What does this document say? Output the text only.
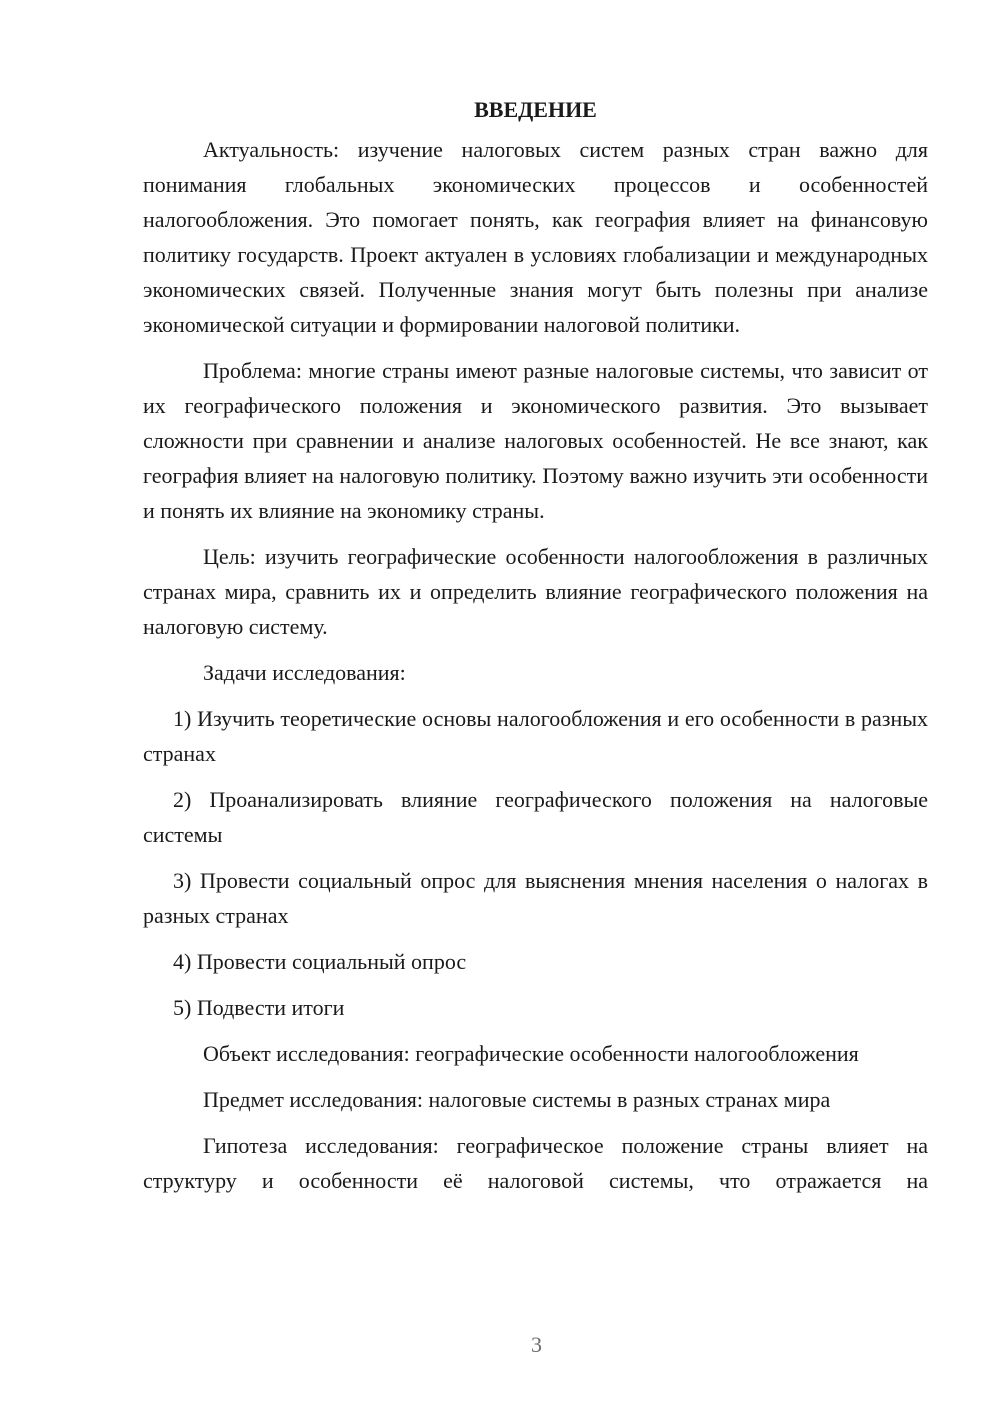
ВВЕДЕНИЕ

Актуальность: изучение налоговых систем разных стран важно для понимания глобальных экономических процессов и особенностей налогообложения. Это помогает понять, как география влияет на финансовую политику государств. Проект актуален в условиях глобализации и международных экономических связей. Полученные знания могут быть полезны при анализе экономической ситуации и формировании налоговой политики.

Проблема: многие страны имеют разные налоговые системы, что зависит от их географического положения и экономического развития. Это вызывает сложности при сравнении и анализе налоговых особенностей. Не все знают, как география влияет на налоговую политику. Поэтому важно изучить эти особенности и понять их влияние на экономику страны.

Цель: изучить географические особенности налогообложения в различных странах мира, сравнить их и определить влияние географического положения на налоговую систему.

Задачи исследования:

1) Изучить теоретические основы налогообложения и его особенности в разных странах

2) Проанализировать влияние географического положения на налоговые системы

3) Провести социальный опрос для выяснения мнения населения о налогах в разных странах

4) Провести социальный опрос

5) Подвести итоги

Объект исследования: географические особенности налогообложения

Предмет исследования: налоговые системы в разных странах мира

Гипотеза исследования: географическое положение страны влияет на структуру и особенности её налоговой системы, что отражается на

3
